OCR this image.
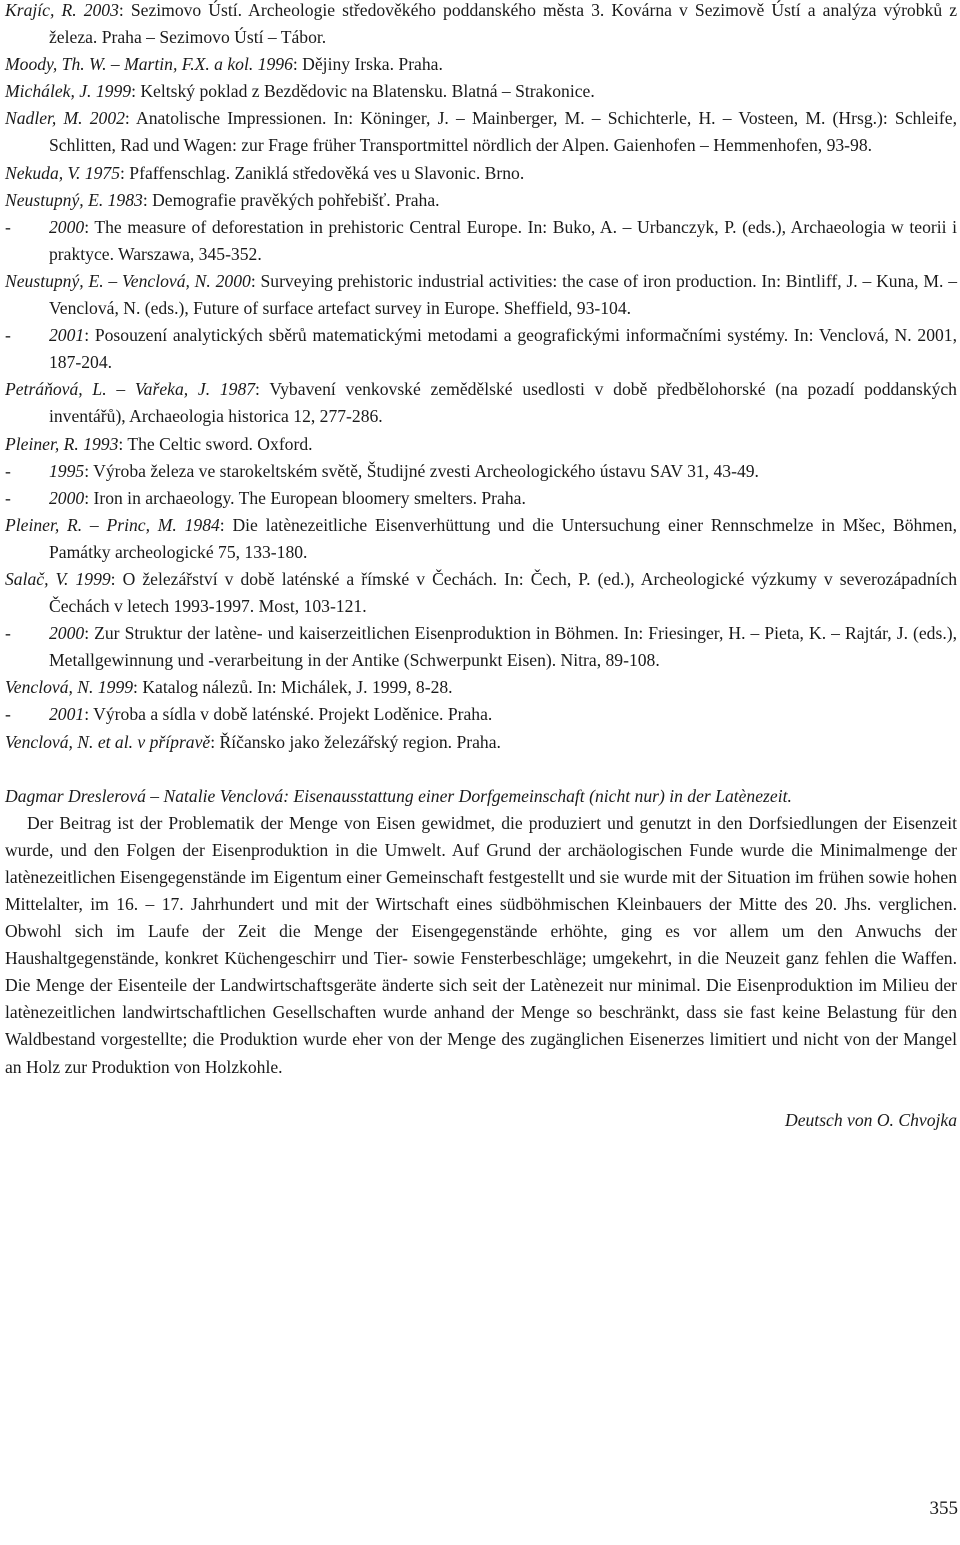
Krajíc, R. 2003: Sezimovo Ústí. Archeologie středověkého poddanského města 3. Kovárna v Sezimově Ústí a analýza výrobků z železa. Praha – Sezimovo Ústí – Tábor.

Moody, Th. W. – Martin, F.X. a kol. 1996: Dějiny Irska. Praha.

Michálek, J. 1999: Keltský poklad z Bezdědovic na Blatensku. Blatná – Strakonice.

Nadler, M. 2002: Anatolische Impressionen. In: Köninger, J. – Mainberger, M. – Schichterle, H. – Vosteen, M. (Hrsg.): Schleife, Schlitten, Rad und Wagen: zur Frage früher Transportmittel nördlich der Alpen. Gaienhofen – Hemmenhofen, 93-98.

Nekuda, V. 1975: Pfaffenschlag. Zaniklá středověká ves u Slavonic. Brno.

Neustupný, E. 1983: Demografie pravěkých pohřebišť. Praha.

- 2000: The measure of deforestation in prehistoric Central Europe. In: Buko, A. – Urbanczyk, P. (eds.), Archaeologia w teorii i praktyce. Warszawa, 345-352.

Neustupný, E. – Venclová, N. 2000: Surveying prehistoric industrial activities: the case of iron production. In: Bintliff, J. – Kuna, M. – Venclová, N. (eds.), Future of surface artefact survey in Europe. Sheffield, 93-104.

- 2001: Posouzení analytických sběrů matematickými metodami a geografickými informačními systémy. In: Venclová, N. 2001, 187-204.

Petráňová, L. – Vařeka, J. 1987: Vybavení venkovské zemědělské usedlosti v době předbělohorské (na pozadí poddanských inventářů), Archaeologia historica 12, 277-286.

Pleiner, R. 1993: The Celtic sword. Oxford.

- 1995: Výroba železa ve starokeltském světě, Študijné zvesti Archeologického ústavu SAV 31, 43-49.

- 2000: Iron in archaeology. The European bloomery smelters. Praha.

Pleiner, R. – Princ, M. 1984: Die latènezeitliche Eisenverhüttung und die Untersuchung einer Rennschmelze in Mšec, Böhmen, Památky archeologické 75, 133-180.

Salač, V. 1999: O železářství v době laténské a římské v Čechách. In: Čech, P. (ed.), Archeologické výzkumy v severozápadních Čechách v letech 1993-1997. Most, 103-121.

- 2000: Zur Struktur der latène- und kaiserzeitlichen Eisenproduktion in Böhmen. In: Friesinger, H. – Pieta, K. – Rajtár, J. (eds.), Metallgewinnung und -verarbeitung in der Antike (Schwerpunkt Eisen). Nitra, 89-108.

Venclová, N. 1999: Katalog nálezů. In: Michálek, J. 1999, 8-28.

- 2001: Výroba a sídla v době laténské. Projekt Loděnice. Praha.

Venclová, N. et al. v přípravě: Říčansko jako železářský region. Praha.

Dagmar Dreslerová – Natalie Venclová: Eisenausstattung einer Dorfgemeinschaft (nicht nur) in der Latènezeit.

Der Beitrag ist der Problematik der Menge von Eisen gewidmet, die produziert und genutzt in den Dorfsiedlungen der Eisenzeit wurde, und den Folgen der Eisenproduktion in die Umwelt. Auf Grund der archäologischen Funde wurde die Minimalmenge der latènezeitlichen Eisengegenstände im Eigentum einer Gemeinschaft festgestellt und sie wurde mit der Situation im frühen sowie hohen Mittelalter, im 16. – 17. Jahrhundert und mit der Wirtschaft eines südböhmischen Kleinbauers der Mitte des 20. Jhs. verglichen. Obwohl sich im Laufe der Zeit die Menge der Eisengegenstände erhöhte, ging es vor allem um den Anwuchs der Haushaltgegenstände, konkret Küchengeschirr und Tier- sowie Fensterbeschläge; umgekehrt, in die Neuzeit ganz fehlen die Waffen. Die Menge der Eisenteile der Landwirtschaftsgeräte änderte sich seit der Latènezeit nur minimal. Die Eisenproduktion im Milieu der latènezeitlichen landwirtschaftlichen Gesellschaften wurde anhand der Menge so beschränkt, dass sie fast keine Belastung für den Waldbestand vorgestellte; die Produktion wurde eher von der Menge des zugänglichen Eisenerzes limitiert und nicht von der Mangel an Holz zur Produktion von Holzkohle.

Deutsch von O. Chvojka
355
